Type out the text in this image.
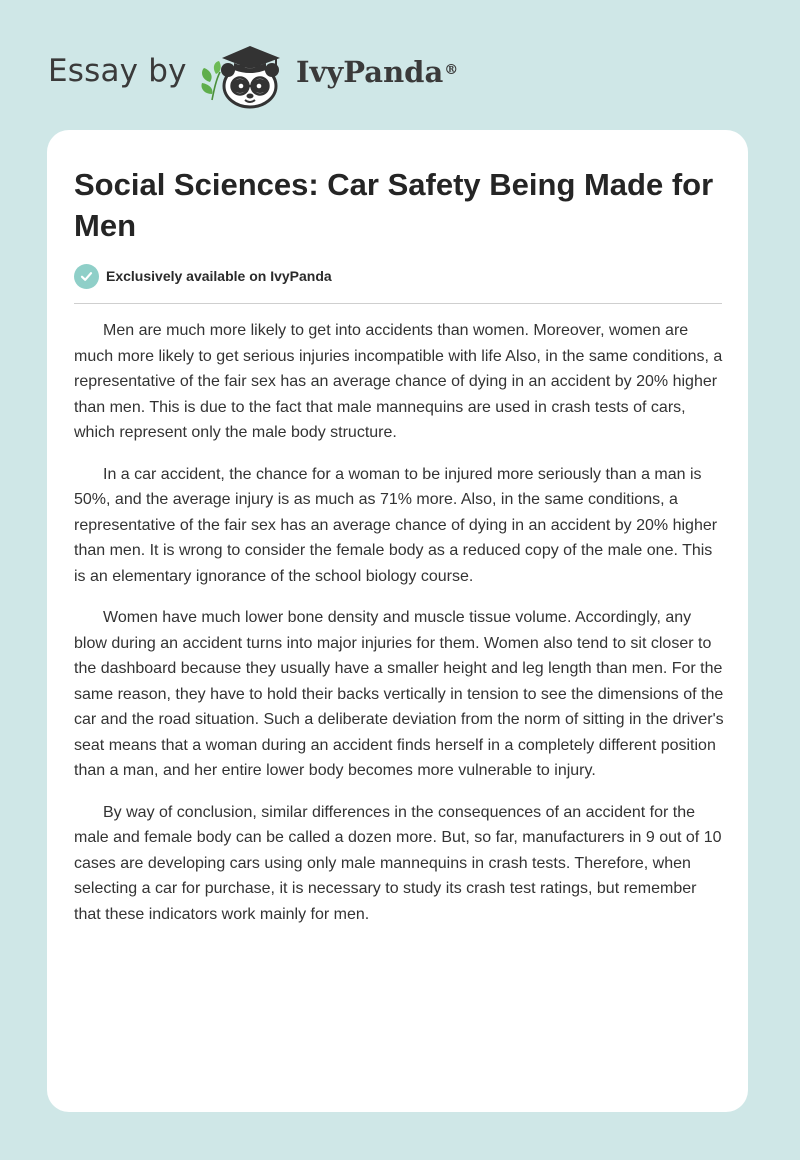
Essay by	IvyPanda®
Social Sciences: Car Safety Being Made for Men
Exclusively available on IvyPanda

Men are much more likely to get into accidents than women. Moreover, women are much more likely to get serious injuries incompatible with life Also, in the same conditions, a representative of the fair sex has an average chance of dying in an accident by 20% higher than men. This is due to the fact that male mannequins are used in crash tests of cars, which represent only the male body structure.

In a car accident, the chance for a woman to be injured more seriously than a man is 50%, and the average injury is as much as 71% more. Also, in the same conditions, a representative of the fair sex has an average chance of dying in an accident by 20% higher than men. It is wrong to consider the female body as a reduced copy of the male one. This is an elementary ignorance of the school biology course.

Women have much lower bone density and muscle tissue volume. Accordingly, any blow during an accident turns into major injuries for them. Women also tend to sit closer to the dashboard because they usually have a smaller height and leg length than men. For the same reason, they have to hold their backs vertically in tension to see the dimensions of the car and the road situation. Such a deliberate deviation from the norm of sitting in the driver's seat means that a woman during an accident finds herself in a completely different position than a man, and her entire lower body becomes more vulnerable to injury.

By way of conclusion, similar differences in the consequences of an accident for the male and female body can be called a dozen more. But, so far, manufacturers in 9 out of 10 cases are developing cars using only male mannequins in crash tests. Therefore, when selecting a car for purchase, it is necessary to study its crash test ratings, but remember that these indicators work mainly for men.
